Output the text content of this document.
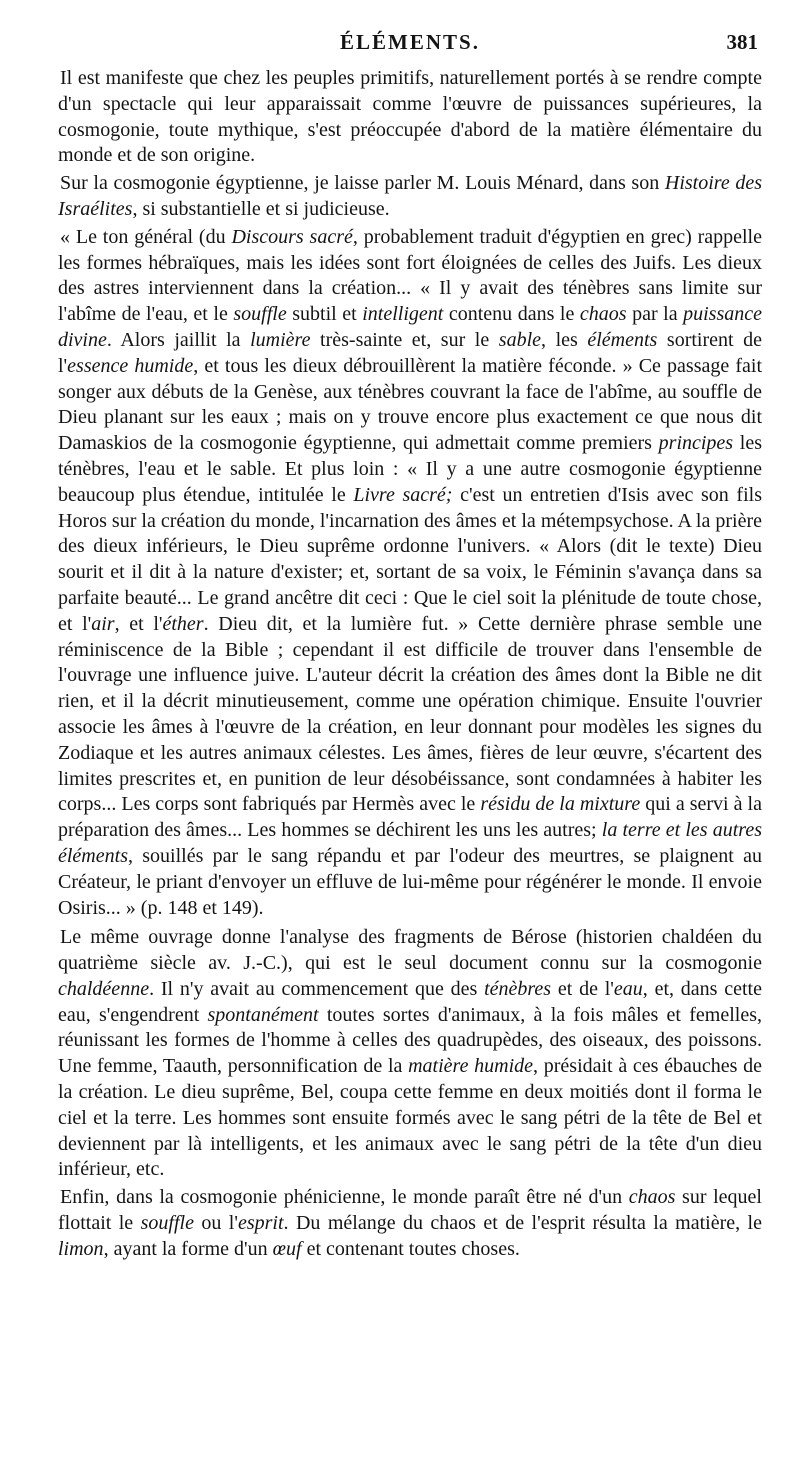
ÉLÉMENTS.	381

Il est manifeste que chez les peuples primitifs, naturellement portés à se rendre compte d'un spectacle qui leur apparaissait comme l'œuvre de puissances supérieures, la cosmogonie, toute mythique, s'est préoccupée d'abord de la matière élémentaire du monde et de son origine.

Sur la cosmogonie égyptienne, je laisse parler M. Louis Ménard, dans son Histoire des Israélites, si substantielle et si judicieuse.

« Le ton général (du Discours sacré, probablement traduit d'égyptien en grec) rappelle les formes hébraïques, mais les idées sont fort éloignées de celles des Juifs. Les dieux des astres interviennent dans la création... « Il y avait des ténèbres sans limite sur l'abîme de l'eau, et le souffle subtil et intelligent contenu dans le chaos par la puissance divine. Alors jaillit la lumière très-sainte et, sur le sable, les éléments sortirent de l'essence humide, et tous les dieux débrouillèrent la matière féconde. » Ce passage fait songer aux débuts de la Genèse, aux ténèbres couvrant la face de l'abîme, au souffle de Dieu planant sur les eaux ; mais on y trouve encore plus exactement ce que nous dit Damaskios de la cosmogonie égyptienne, qui admettait comme premiers principes les ténèbres, l'eau et le sable. Et plus loin : « Il y a une autre cosmogonie égyptienne beaucoup plus étendue, intitulée le Livre sacré; c'est un entretien d'Isis avec son fils Horos sur la création du monde, l'incarnation des âmes et la métempsychose. A la prière des dieux inférieurs, le Dieu suprême ordonne l'univers. « Alors (dit le texte) Dieu sourit et il dit à la nature d'exister; et, sortant de sa voix, le Féminin s'avança dans sa parfaite beauté... Le grand ancêtre dit ceci : Que le ciel soit la plénitude de toute chose, et l'air, et l'éther. Dieu dit, et la lumière fut. » Cette dernière phrase semble une réminiscence de la Bible ; cependant il est difficile de trouver dans l'ensemble de l'ouvrage une influence juive. L'auteur décrit la création des âmes dont la Bible ne dit rien, et il la décrit minutieusement, comme une opération chimique. Ensuite l'ouvrier associe les âmes à l'œuvre de la création, en leur donnant pour modèles les signes du Zodiaque et les autres animaux célestes. Les âmes, fières de leur œuvre, s'écartent des limites prescrites et, en punition de leur désobéissance, sont condamnées à habiter les corps... Les corps sont fabriqués par Hermès avec le résidu de la mixture qui a servi à la préparation des âmes... Les hommes se déchirent les uns les autres; la terre et les autres éléments, souillés par le sang répandu et par l'odeur des meurtres, se plaignent au Créateur, le priant d'envoyer un effluve de lui-même pour régénérer le monde. Il envoie Osiris... » (p. 148 et 149).

Le même ouvrage donne l'analyse des fragments de Bérose (historien chaldéen du quatrième siècle av. J.-C.), qui est le seul document connu sur la cosmogonie chaldéenne. Il n'y avait au commencement que des ténèbres et de l'eau, et, dans cette eau, s'engendrent spontanément toutes sortes d'animaux, à la fois mâles et femelles, réunissant les formes de l'homme à celles des quadrupèdes, des oiseaux, des poissons. Une femme, Taauth, personnification de la matière humide, présidait à ces ébauches de la création. Le dieu suprême, Bel, coupa cette femme en deux moitiés dont il forma le ciel et la terre. Les hommes sont ensuite formés avec le sang pétri de la tête de Bel et deviennent par là intelligents, et les animaux avec le sang pétri de la tête d'un dieu inférieur, etc.

Enfin, dans la cosmogonie phénicienne, le monde paraît être né d'un chaos sur lequel flottait le souffle ou l'esprit. Du mélange du chaos et de l'esprit résulta la matière, le limon, ayant la forme d'un œuf et contenant toutes choses.
